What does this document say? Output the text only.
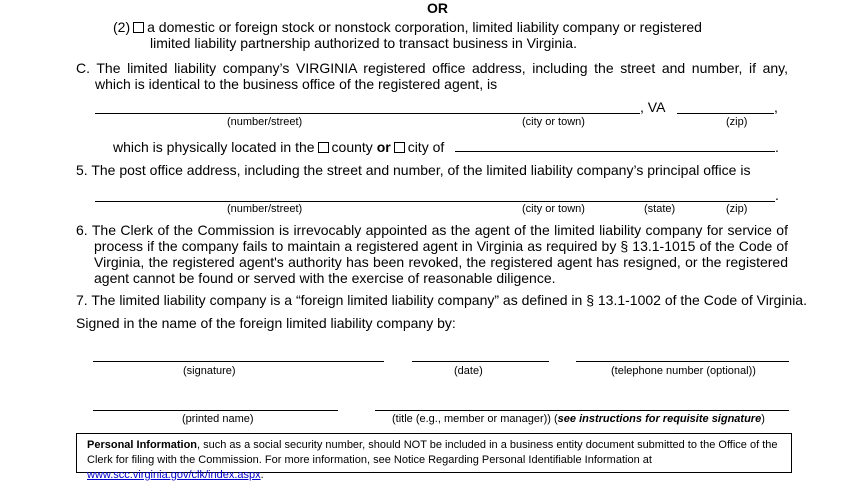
OR
(2) a domestic or foreign stock or nonstock corporation, limited liability company or registered
limited liability partnership authorized to transact business in Virginia.
C. The limited liability company’s VIRGINIA registered office address, including the street and number, if any,
which is identical to the business office of the registered agent, is
, VA	,
(number/street)	(city or town)	(zip)
which is physically located in the county or city of	.
5. The post office address, including the street and number, of the limited liability company’s principal office is
.
(number/street)	(city or town)	(state)	(zip)
6. The Clerk of the Commission is irrevocably appointed as the agent of the limited liability company for service of process if the company fails to maintain a registered agent in Virginia as required by § 13.1-1015 of the Code of Virginia, the registered agent's authority has been revoked, the registered agent has resigned, or the registered agent cannot be found or served with the exercise of reasonable diligence.
7. The limited liability company is a “foreign limited liability company” as defined in § 13.1-1002 of the Code of Virginia.
Signed in the name of the foreign limited liability company by:
(signature)	(date)	(telephone number (optional))
(printed name)	(title (e.g., member or manager)) (see instructions for requisite signature)
Personal Information, such as a social security number, should NOT be included in a business entity document submitted to the Office of the Clerk for filing with the Commission. For more information, see Notice Regarding Personal Identifiable Information at www.scc.virginia.gov/clk/index.aspx.
